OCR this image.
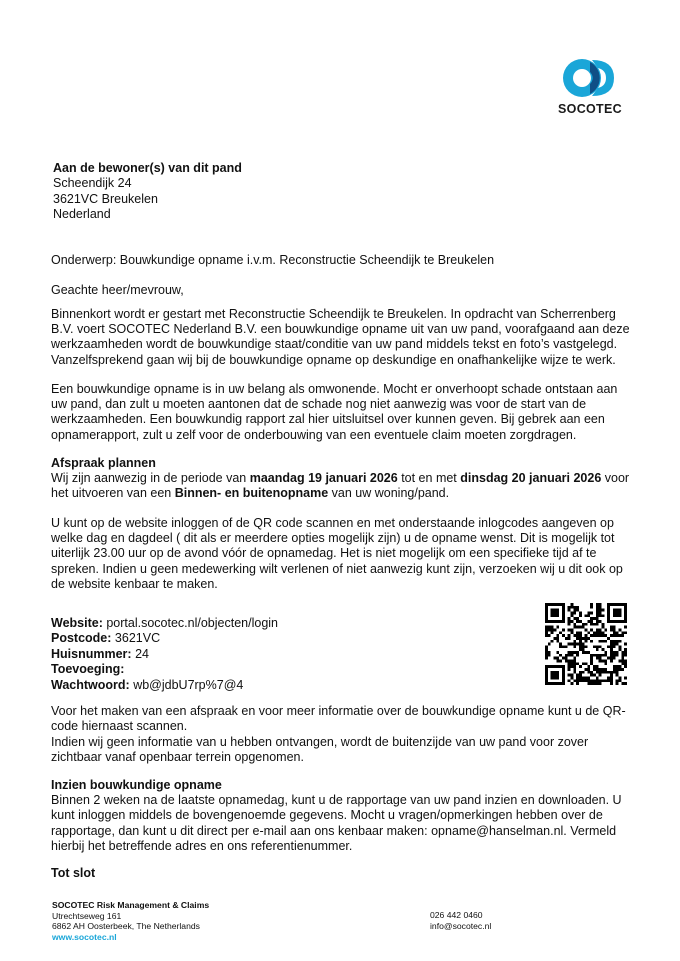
SOCOTEC
Aan de bewoner(s) van dit pand
Scheendijk 24
3621VC Breukelen
Nederland

Onderwerp: Bouwkundige opname i.v.m. Reconstructie Scheendijk te Breukelen

Geachte heer/mevrouw,

Binnenkort wordt er gestart met Reconstructie Scheendijk te Breukelen. In opdracht van Scherrenberg B.V. voert SOCOTEC Nederland B.V. een bouwkundige opname uit van uw pand, voorafgaand aan deze werkzaamheden wordt de bouwkundige staat/conditie van uw pand middels tekst en foto’s vastgelegd. Vanzelfsprekend gaan wij bij de bouwkundige opname op deskundige en onafhankelijke wijze te werk.

Een bouwkundige opname is in uw belang als omwonende. Mocht er onverhoopt schade ontstaan aan uw pand, dan zult u moeten aantonen dat de schade nog niet aanwezig was voor de start van de werkzaamheden. Een bouwkundig rapport zal hier uitsluitsel over kunnen geven. Bij gebrek aan een opnamerapport, zult u zelf voor de onderbouwing van een eventuele claim moeten zorgdragen.

Afspraak plannen
Wij zijn aanwezig in de periode van maandag 19 januari 2026 tot en met dinsdag 20 januari 2026 voor het uitvoeren van een Binnen- en buitenopname van uw woning/pand.

U kunt op de website inloggen of de QR code scannen en met onderstaande inlogcodes aangeven op welke dag en dagdeel ( dit als er meerdere opties mogelijk zijn) u de opname wenst. Dit is mogelijk tot uiterlijk 23.00 uur op de avond vóór de opnamedag. Het is niet mogelijk om een specifieke tijd af te spreken. Indien u geen medewerking wilt verlenen of niet aanwezig kunt zijn, verzoeken wij u dit ook op de website kenbaar te maken.

Website: portal.socotec.nl/objecten/login
Postcode: 3621VC
Huisnummer: 24
Toevoeging:
Wachtwoord: wb@jdbU7rp%7@4

Voor het maken van een afspraak en voor meer informatie over de bouwkundige opname kunt u de QR-code hiernaast scannen.

Indien wij geen informatie van u hebben ontvangen, wordt de buitenzijde van uw pand voor zover zichtbaar vanaf openbaar terrein opgenomen.

Inzien bouwkundige opname
Binnen 2 weken na de laatste opnamedag, kunt u de rapportage van uw pand inzien en downloaden. U kunt inloggen middels de bovengenoemde gegevens. Mocht u vragen/opmerkingen hebben over de rapportage, dan kunt u dit direct per e-mail aan ons kenbaar maken: opname@hanselman.nl. Vermeld hierbij het betreffende adres en ons referentienummer.
Tot slot
SOCOTEC Risk Management & Claims
Utrechtseweg 161
6862 AH Oosterbeek, The Netherlands
www.socotec.nl
026 442 0460
info@socotec.nl
